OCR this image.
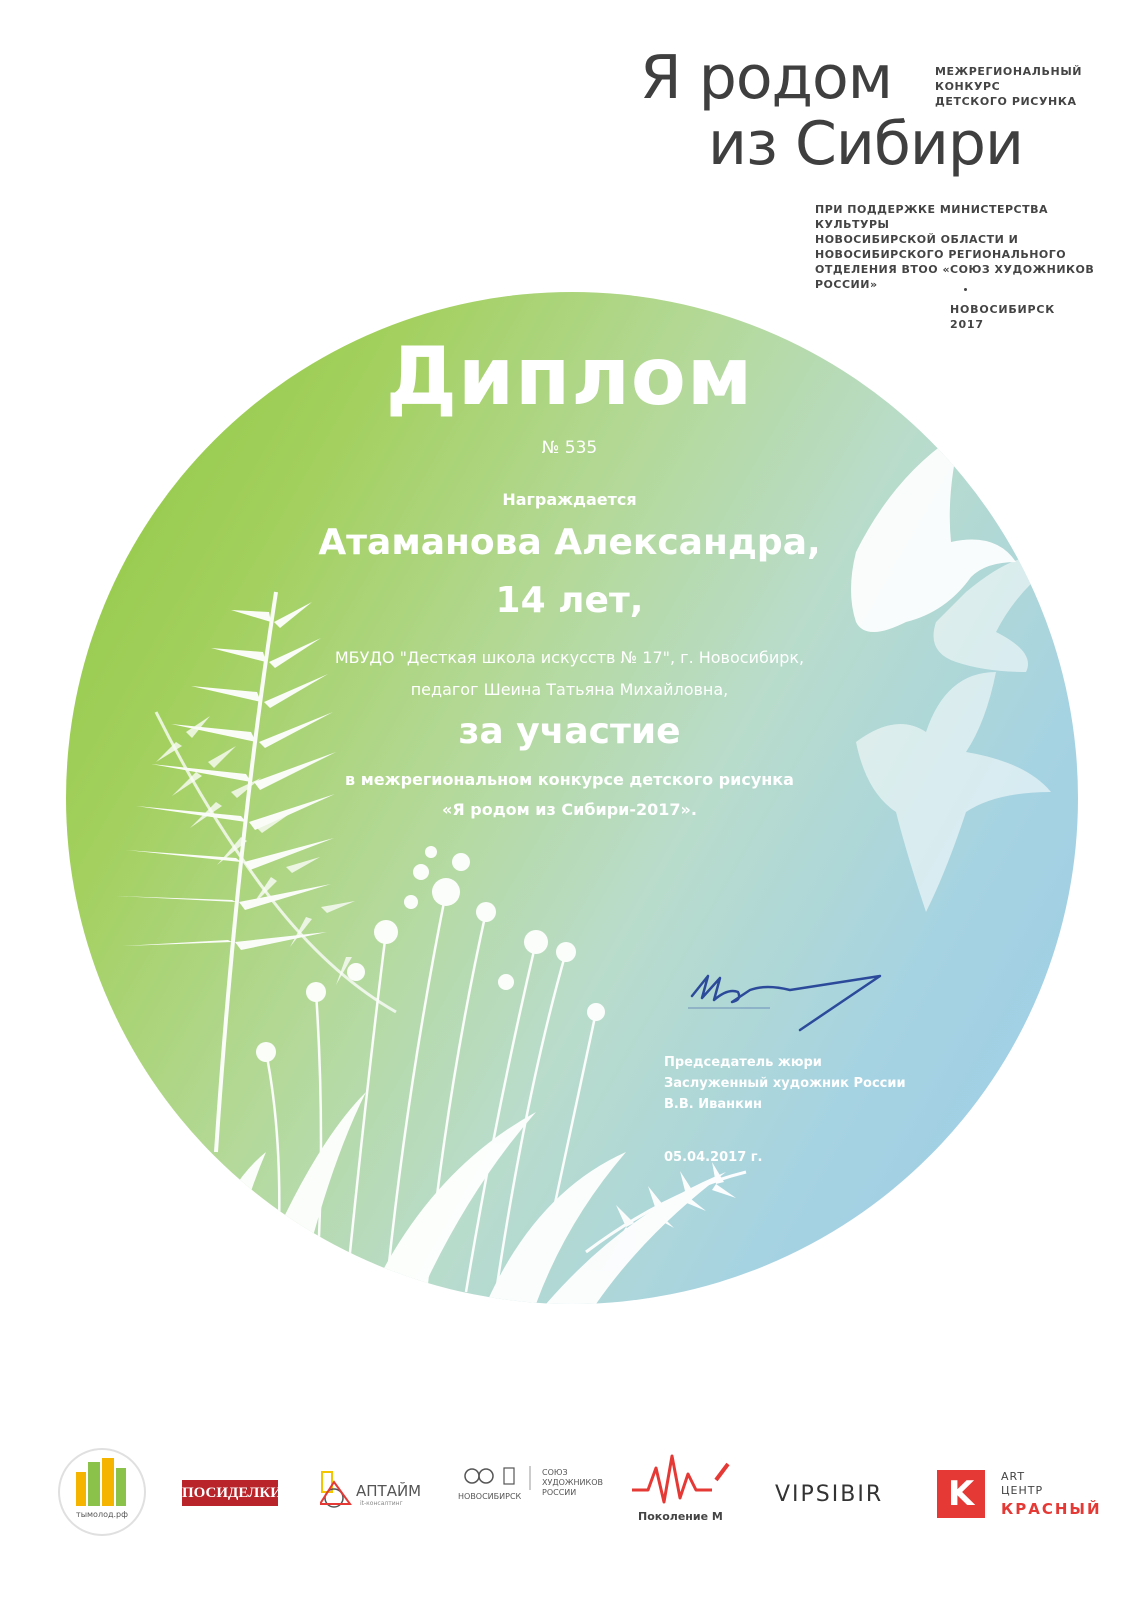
Я родом
из Сибири
МЕЖРЕГИОНАЛЬНЫЙ
КОНКУРС
ДЕТСКОГО РИСУНКА
ПРИ ПОДДЕРЖКЕ МИНИСТЕРСТВА КУЛЬТУРЫ
НОВОСИБИРСКОЙ ОБЛАСТИ И
НОВОСИБИРСКОГО РЕГИОНАЛЬНОГО
ОТДЕЛЕНИЯ ВТОО «СОЮЗ ХУДОЖНИКОВ
РОССИИ»
НОВОСИБИРСК
2017
Диплом
№ 535
Награждается
Атаманова Александра,
14 лет,
МБУДО "Десткая школа искусств № 17", г. Новосибирк,
педагог Шеина Татьяна Михайловна,
за участие
в межрегиональном конкурсе детского рисунка
«Я родом из Сибири-2017».
Председатель жюри
Заслуженный художник России
В.В. Иванкин
05.04.2017 г.
тымолод.рф
ПОСИДЕЛКИНО	АПТАЙМ
it-консалтинг
НОВОСИБИРСК
СОЮЗ
ХУДОЖНИКОВ
РОССИИ
Поколение М
VIPSIBIR	K	ART
ЦЕНТР
КРАСНЫЙ
